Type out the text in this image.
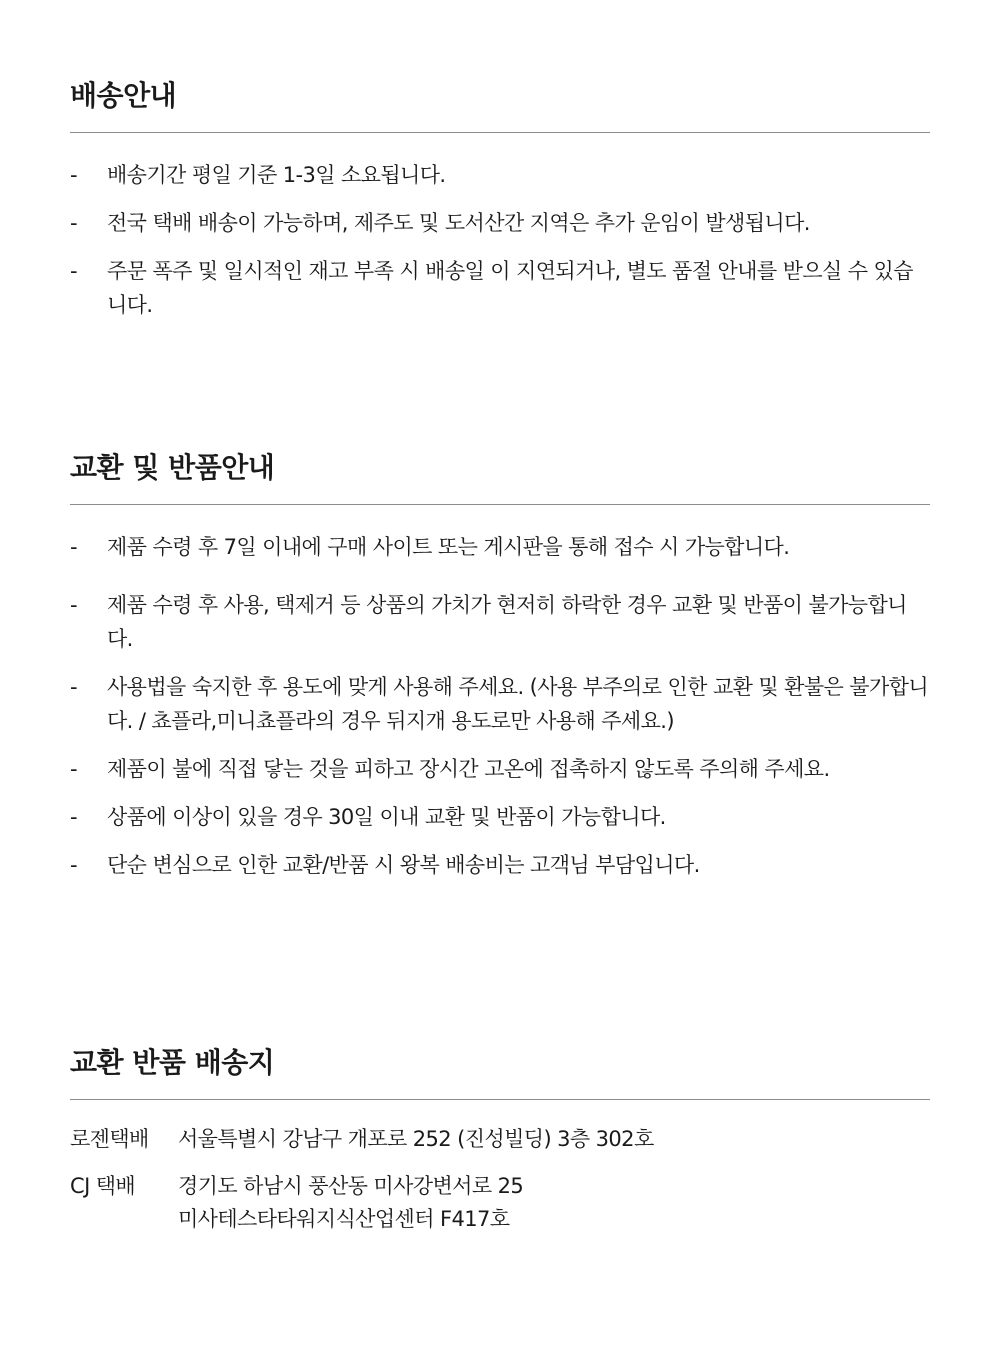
배송안내
- 배송기간 평일 기준 1-3일 소요됩니다.
- 전국 택배 배송이 가능하며, 제주도 및 도서산간 지역은 추가 운임이 발생됩니다.
- 주문 폭주 및 일시적인 재고 부족 시 배송일 이 지연되거나, 별도 품절 안내를 받으실 수 있습니다.
교환 및 반품안내
- 제품 수령 후 7일 이내에 구매 사이트 또는 게시판을 통해 접수 시 가능합니다.
- 제품 수령 후 사용, 택제거 등 상품의 가치가 현저히 하락한 경우 교환 및 반품이 불가능합니다.
- 사용법을 숙지한 후 용도에 맞게 사용해 주세요. (사용 부주의로 인한 교환 및 환불은 불가합니다. / 쵸플라,미니쵸플라의 경우 뒤지개 용도로만 사용해 주세요.)
- 제품이 불에 직접 닿는 것을 피하고 장시간 고온에 접촉하지 않도록 주의해 주세요.
- 상품에 이상이 있을 경우 30일 이내 교환 및 반품이 가능합니다.
- 단순 변심으로 인한 교환/반품 시 왕복 배송비는 고객님 부담입니다.
교환 반품 배송지
로젠택배	서울특별시 강남구 개포로 252 (진성빌딩) 3층 302호
CJ 택배	경기도 하남시 풍산동 미사강변서로 25
미사테스타타워지식산업센터 F417호
